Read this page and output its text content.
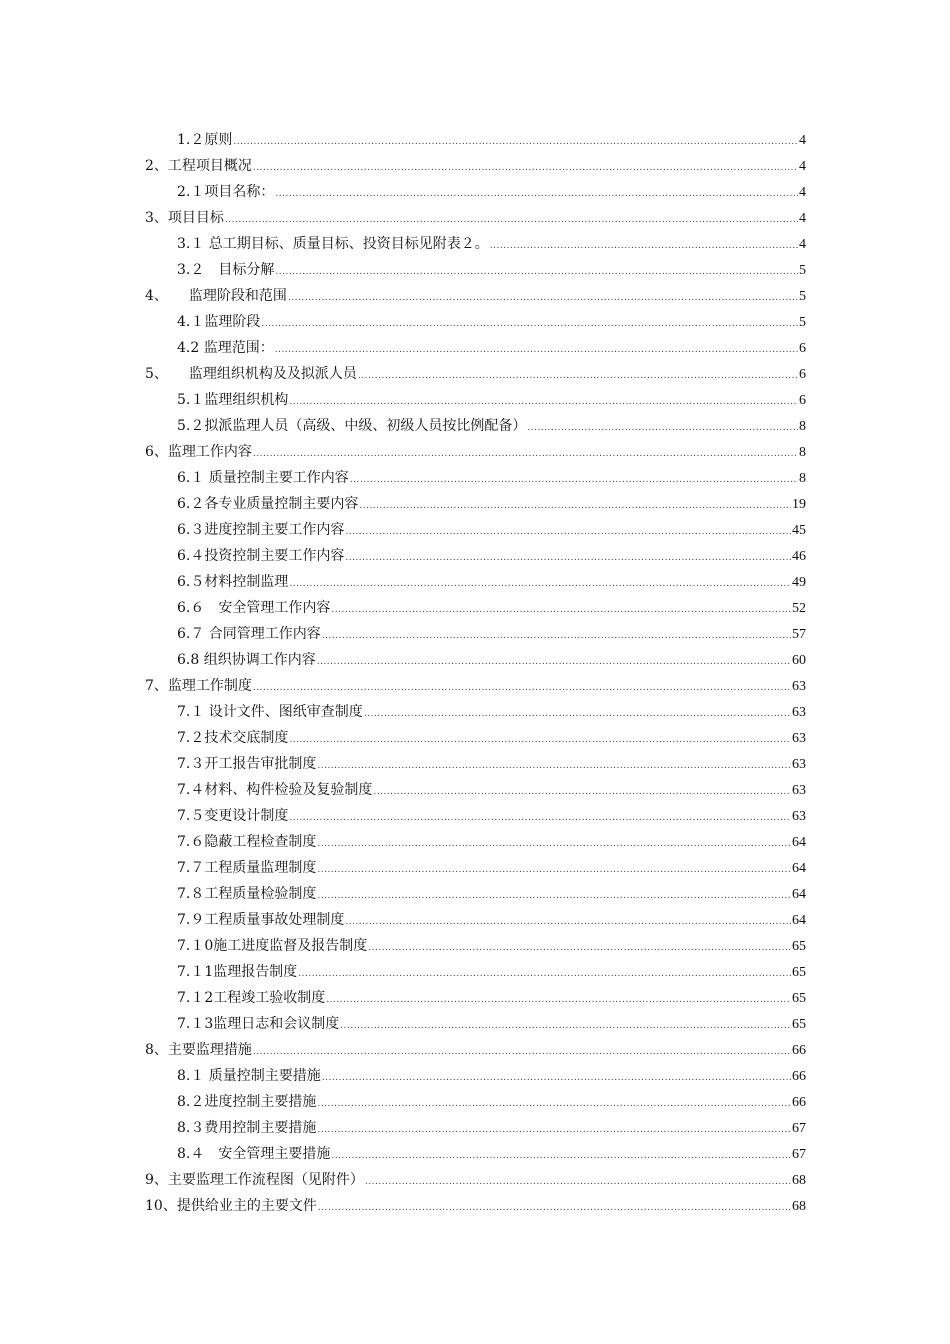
1.２原则 .....	4
2、工程项目概况 .....	4
2.１项目名称： .....	4
3、项目目标 .....	4
3.１ 总工期目标、质量目标、投资目标见附表２。 .....	4
3.２　目标分解 .....	5
4、　　监理阶段和范围 .....	5
4.１监理阶段 .....	5
4.2 监理范围： .....	6
5、　　监理组织机构及及拟派人员 .....	6
5.１监理组织机构 .....	6
5.２拟派监理人员（高级、中级、初级人员按比例配备） .....	8
6、监理工作内容 .....	8
6.１ 质量控制主要工作内容 .....	8
6.２各专业质量控制主要内容 .....	19
6.３进度控制主要工作内容 .....	45
6.４投资控制主要工作内容 .....	46
6.５材料控制监理 .....	49
6.６　安全管理工作内容 .....	52
6.７ 合同管理工作内容 .....	57
6.8 组织协调工作内容 .....	60
7、监理工作制度 .....	63
7.１ 设计文件、图纸审查制度 .....	63
7.２技术交底制度 .....	63
7.３开工报告审批制度 .....	63
7.４材料、构件检验及复验制度 .....	63
7.５变更设计制度 .....	63
7.６隐蔽工程检查制度 .....	64
7.７工程质量监理制度 .....	64
7.８工程质量检验制度 .....	64
7.９工程质量事故处理制度 .....	64
7.１0施工进度监督及报告制度 .....	65
7.１1监理报告制度 .....	65
7.１2工程竣工验收制度 .....	65
7.１3监理日志和会议制度 .....	65
8、主要监理措施 .....	66
8.１ 质量控制主要措施 .....	66
8.２进度控制主要措施 .....	66
8.３费用控制主要措施 .....	67
8.４　安全管理主要措施 .....	67
9、主要监理工作流程图（见附件） .....	68
10、提供给业主的主要文件 .....	68
